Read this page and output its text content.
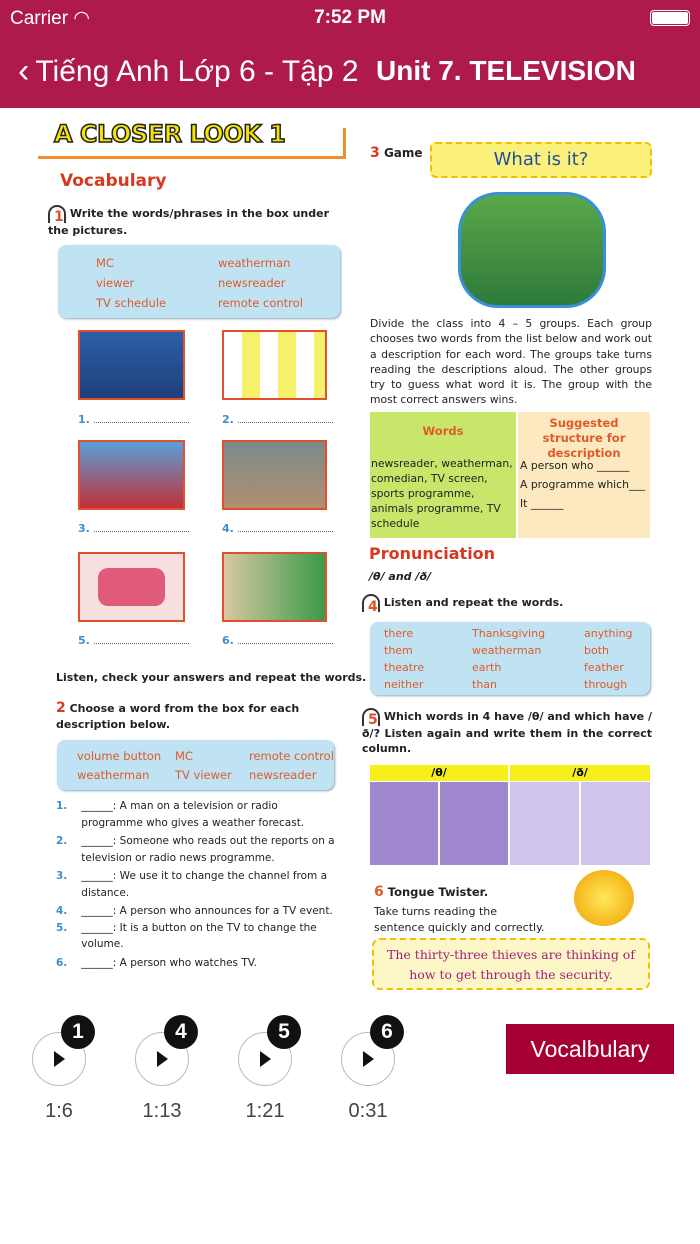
Carrier ◠	7:52 PM
‹ Tiếng Anh Lớp 6 - Tập 2 Unit 7. TELEVISION
A CLOSER LOOK 1
Vocabulary
1 Write the words/phrases in the box under the pictures.
MC
viewer
TV schedule
weatherman
newsreader
remote control
1.	2.
3.	4.
5.	6.
Listen, check your answers and repeat the words.
2 Choose a word from the box for each description below.
volume button
weatherman
MC
TV viewer
remote control
newsreader
1. ______: A man on a television or radio programme who gives a weather forecast.
2. ______: Someone who reads out the reports on a television or radio news programme.
3. ______: We use it to change the channel from a distance.
4. ______: A person who announces for a TV event.
5. ______: It is a button on the TV to change the volume.
6. ______: A person who watches TV.
3 Game	What is it?
Divide the class into 4 – 5 groups. Each group chooses two words from the list below and work out a description for each word. The groups take turns reading the descriptions aloud. The other groups try to guess what word it is. The group with the most correct answers wins.
Words
newsreader, weatherman, comedian, TV screen, sports programme, animals programme, TV schedule
Suggested structure for description
A person who ______
A programme which___
It ______
Pronunciation
/θ/ and /ð/
4 Listen and repeat the words.
there
them
theatre
neither
Thanksgiving
weatherman
earth
than
anything
both
feather
through
5 Which words in 4 have /θ/ and which have /ð/? Listen again and write them in the correct column.
/θ/	/ð/
6 Tongue Twister.
Take turns reading the sentence quickly and correctly.
The thirty-three thieves are thinking of how to get through the security.
1
1:6
4
1:13
5
1:21
6
0:31
Vocalbulary
